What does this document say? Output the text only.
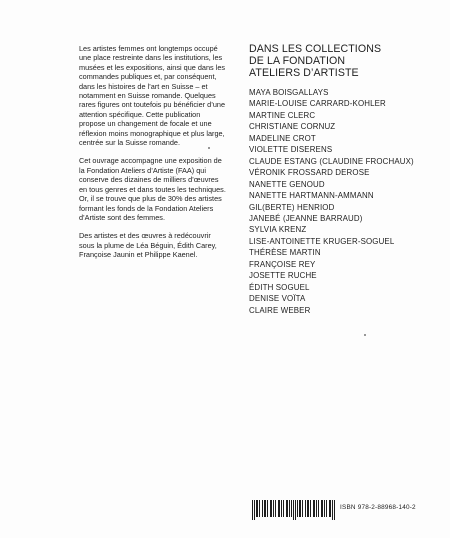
Les artistes femmes ont longtemps occupé une place restreinte dans les institutions, les musées et les expositions, ainsi que dans les commandes publiques et, par conséquent, dans les histoires de l’art en Suisse – et notamment en Suisse romande. Quelques rares figures ont toutefois pu bénéficier d’une attention spécifique. Cette publication propose un changement de focale et une réflexion moins monographique et plus large, centrée sur la Suisse romande.

Cet ouvrage accompagne une exposition de la Fondation Ateliers d’Artiste (FAA) qui conserve des dizaines de milliers d’œuvres en tous genres et dans toutes les techniques. Or, il se trouve que plus de 30% des artistes formant les fonds de la Fondation Ateliers d’Artiste sont des femmes.

Des artistes et des œuvres à redécouvrir sous la plume de Léa Béguin, Édith Carey, Françoise Jaunin et Philippe Kaenel.

DANS LES COLLECTIONS
DE LA FONDATION
ATELIERS D’ARTISTE
MAYA BOISGALLAYS
MARIE-LOUISE CARRARD-KOHLER
MARTINE CLERC
CHRISTIANE CORNUZ
MADELINE CROT
VIOLETTE DISERENS
CLAUDE ESTANG (CLAUDINE FROCHAUX)
VÉRONIK FROSSARD DEROSE
NANETTE GENOUD
NANETTE HARTMANN-AMMANN
GIL(BERTE) HENRIOD
JANEBÉ (JEANNE BARRAUD)
SYLVIA KRENZ
LISE-ANTOINETTE KRUGER-SOGUEL
THÉRÈSE MARTIN
FRANÇOISE REY
JOSETTE RUCHE
ÉDITH SOGUEL
DENISE VOÏTA
CLAIRE WEBER
ISBN 978-2-88968-140-2
